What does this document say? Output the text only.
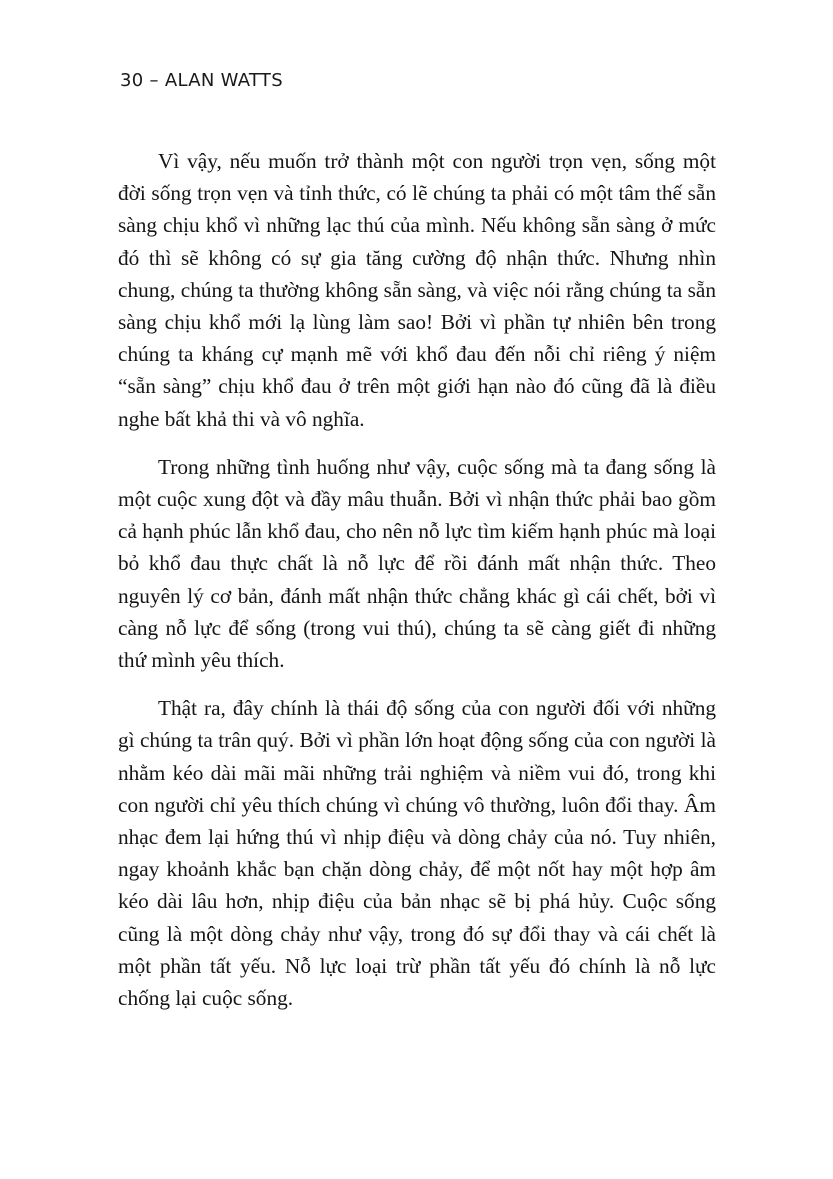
30 – ALAN WATTS

Vì vậy, nếu muốn trở thành một con người trọn vẹn, sống một đời sống trọn vẹn và tỉnh thức, có lẽ chúng ta phải có một tâm thế sẵn sàng chịu khổ vì những lạc thú của mình. Nếu không sẵn sàng ở mức đó thì sẽ không có sự gia tăng cường độ nhận thức. Nhưng nhìn chung, chúng ta thường không sẵn sàng, và việc nói rằng chúng ta sẵn sàng chịu khổ mới lạ lùng làm sao! Bởi vì phần tự nhiên bên trong chúng ta kháng cự mạnh mẽ với khổ đau đến nỗi chỉ riêng ý niệm “sẵn sàng” chịu khổ đau ở trên một giới hạn nào đó cũng đã là điều nghe bất khả thi và vô nghĩa.

Trong những tình huống như vậy, cuộc sống mà ta đang sống là một cuộc xung đột và đầy mâu thuẫn. Bởi vì nhận thức phải bao gồm cả hạnh phúc lẫn khổ đau, cho nên nỗ lực tìm kiếm hạnh phúc mà loại bỏ khổ đau thực chất là nỗ lực để rồi đánh mất nhận thức. Theo nguyên lý cơ bản, đánh mất nhận thức chẳng khác gì cái chết, bởi vì càng nỗ lực để sống (trong vui thú), chúng ta sẽ càng giết đi những thứ mình yêu thích.

Thật ra, đây chính là thái độ sống của con người đối với những gì chúng ta trân quý. Bởi vì phần lớn hoạt động sống của con người là nhằm kéo dài mãi mãi những trải nghiệm và niềm vui đó, trong khi con người chỉ yêu thích chúng vì chúng vô thường, luôn đổi thay. Âm nhạc đem lại hứng thú vì nhịp điệu và dòng chảy của nó. Tuy nhiên, ngay khoảnh khắc bạn chặn dòng chảy, để một nốt hay một hợp âm kéo dài lâu hơn, nhịp điệu của bản nhạc sẽ bị phá hủy. Cuộc sống cũng là một dòng chảy như vậy, trong đó sự đổi thay và cái chết là một phần tất yếu. Nỗ lực loại trừ phần tất yếu đó chính là nỗ lực chống lại cuộc sống.
